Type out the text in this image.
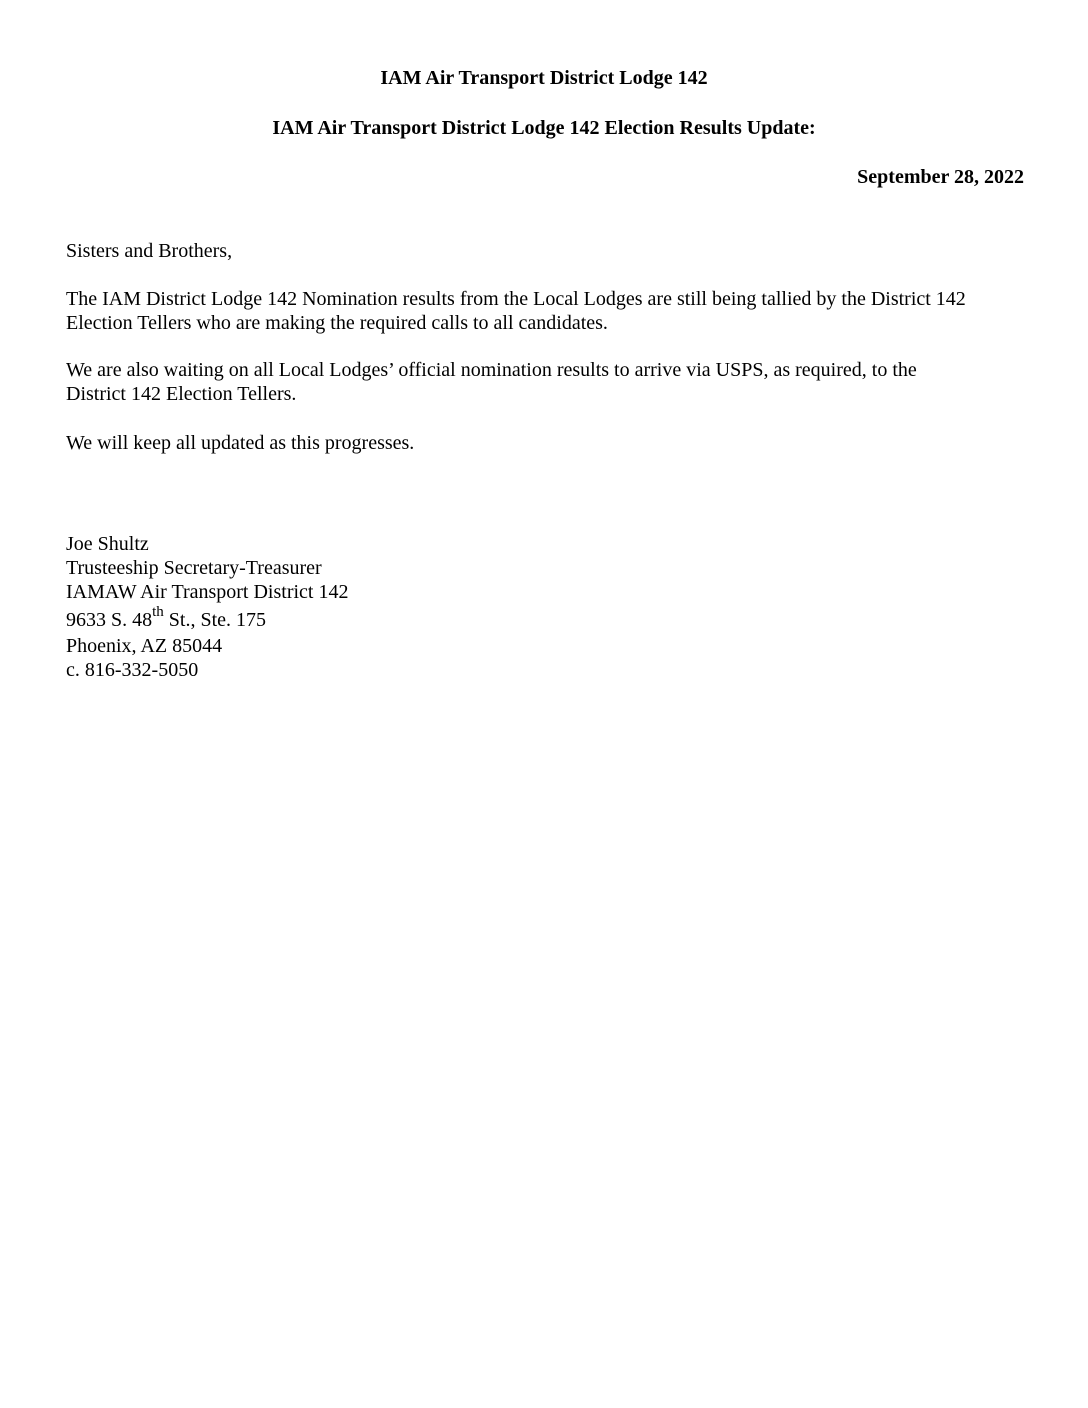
IAM Air Transport District Lodge 142
IAM Air Transport District Lodge 142 Election Results Update:
September 28, 2022
Sisters and Brothers,
The IAM District Lodge 142 Nomination results from the Local Lodges are still being tallied by the District 142
Election Tellers who are making the required calls to all candidates.
We are also waiting on all Local Lodges’ official nomination results to arrive via USPS, as required, to the
District 142 Election Tellers.
We will keep all updated as this progresses.
Joe Shultz
Trusteeship Secretary-Treasurer
IAMAW Air Transport District 142
9633 S. 48th St., Ste. 175
Phoenix, AZ 85044
c. 816-332-5050
